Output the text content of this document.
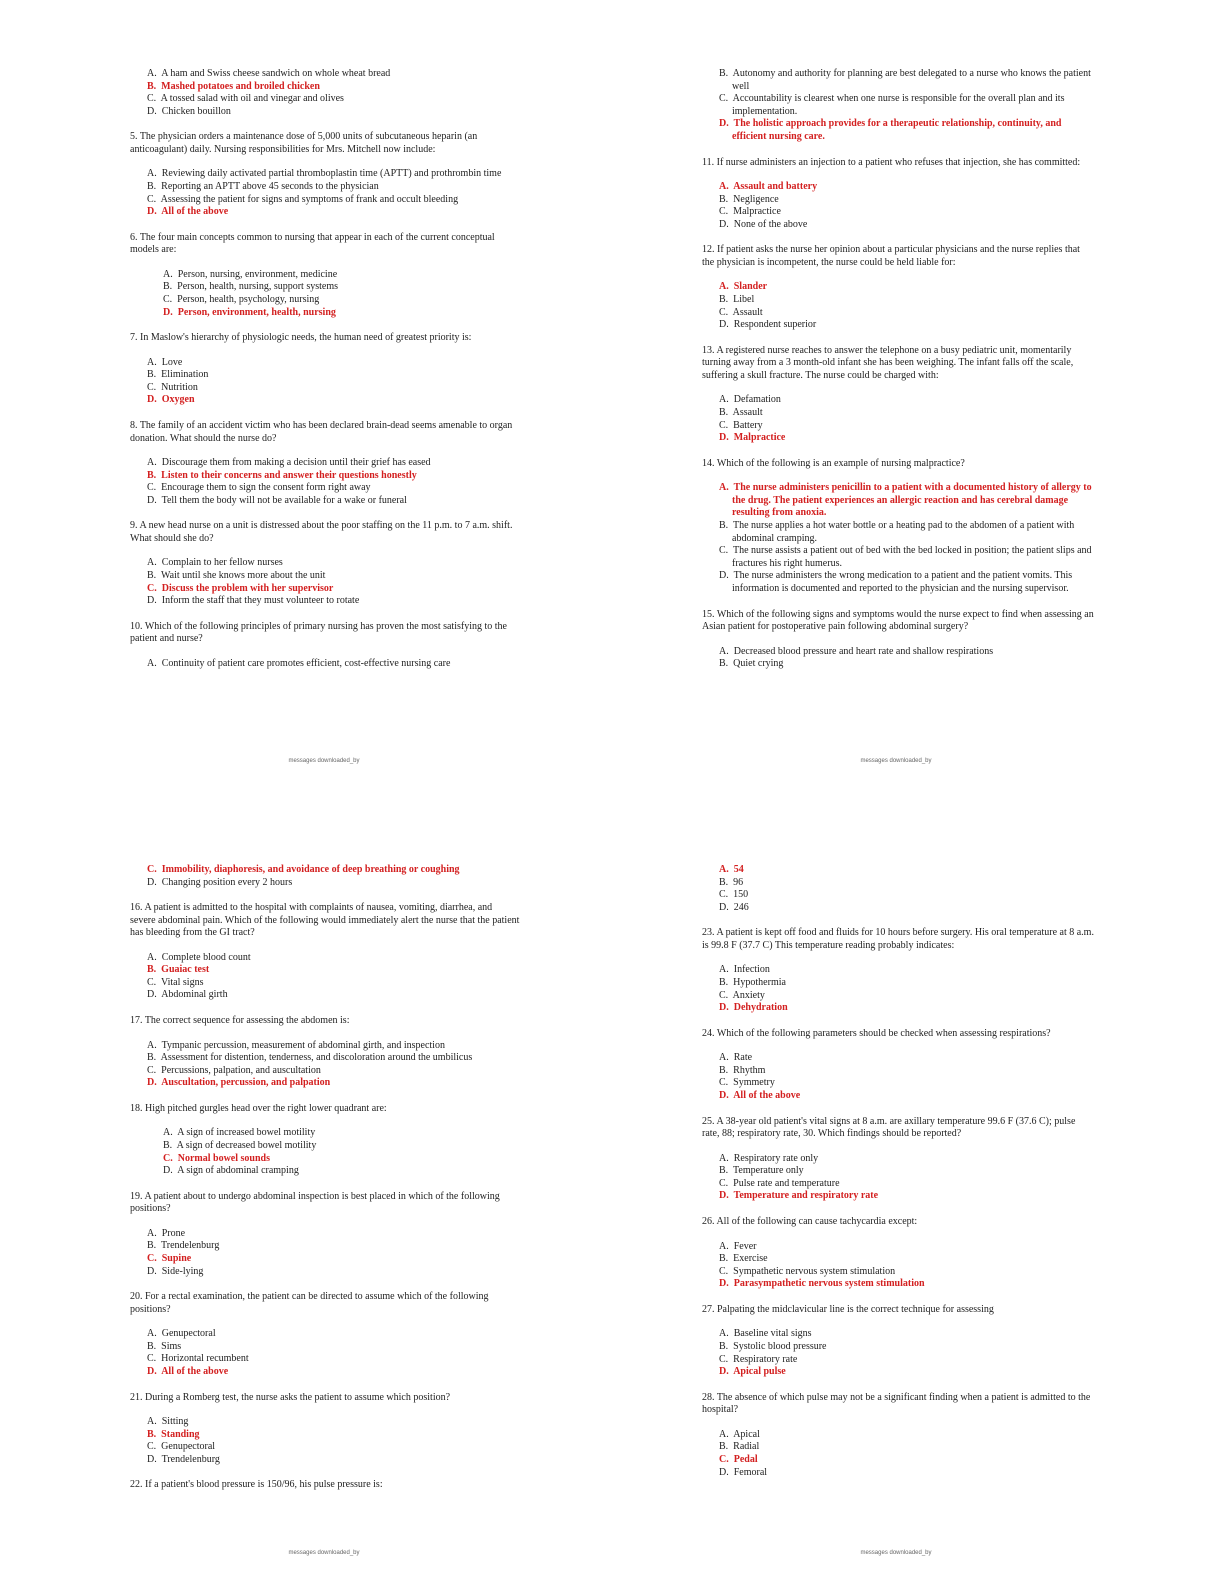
A. A ham and Swiss cheese sandwich on whole wheat bread
B. Mashed potatoes and broiled chicken
C. A tossed salad with oil and vinegar and olives
D. Chicken bouillon

5. The physician orders a maintenance dose of 5,000 units of subcutaneous heparin (an anticoagulant) daily. Nursing responsibilities for Mrs. Mitchell now include:

A. Reviewing daily activated partial thromboplastin time (APTT) and prothrombin time
B. Reporting an APTT above 45 seconds to the physician
C. Assessing the patient for signs and symptoms of frank and occult bleeding
D. All of the above

6. The four main concepts common to nursing that appear in each of the current conceptual models are:

A. Person, nursing, environment, medicine
B. Person, health, nursing, support systems
C. Person, health, psychology, nursing
D. Person, environment, health, nursing

7. In Maslow's hierarchy of physiologic needs, the human need of greatest priority is:

A. Love
B. Elimination
C. Nutrition
D. Oxygen

8. The family of an accident victim who has been declared brain-dead seems amenable to organ donation. What should the nurse do?

A. Discourage them from making a decision until their grief has eased
B. Listen to their concerns and answer their questions honestly
C. Encourage them to sign the consent form right away
D. Tell them the body will not be available for a wake or funeral

9. A new head nurse on a unit is distressed about the poor staffing on the 11 p.m. to 7 a.m. shift. What should she do?

A. Complain to her fellow nurses
B. Wait until she knows more about the unit
C. Discuss the problem with her supervisor
D. Inform the staff that they must volunteer to rotate

10. Which of the following principles of primary nursing has proven the most satisfying to the patient and nurse?

A. Continuity of patient care promotes efficient, cost-effective nursing care
messages downloaded_by
B. Autonomy and authority for planning are best delegated to a nurse who knows the patient well
C. Accountability is clearest when one nurse is responsible for the overall plan and its implementation.
D. The holistic approach provides for a therapeutic relationship, continuity, and efficient nursing care.

11. If nurse administers an injection to a patient who refuses that injection, she has committed:

A. Assault and battery
B. Negligence
C. Malpractice
D. None of the above

12. If patient asks the nurse her opinion about a particular physicians and the nurse replies that the physician is incompetent, the nurse could be held liable for:

A. Slander
B. Libel
C. Assault
D. Respondent superior

13. A registered nurse reaches to answer the telephone on a busy pediatric unit, momentarily turning away from a 3 month-old infant she has been weighing. The infant falls off the scale, suffering a skull fracture. The nurse could be charged with:

A. Defamation
B. Assault
C. Battery
D. Malpractice

14. Which of the following is an example of nursing malpractice?

A. The nurse administers penicillin to a patient with a documented history of allergy to the drug. The patient experiences an allergic reaction and has cerebral damage resulting from anoxia.
B. The nurse applies a hot water bottle or a heating pad to the abdomen of a patient with abdominal cramping.
C. The nurse assists a patient out of bed with the bed locked in position; the patient slips and fractures his right humerus.
D. The nurse administers the wrong medication to a patient and the patient vomits. This information is documented and reported to the physician and the nursing supervisor.

15. Which of the following signs and symptoms would the nurse expect to find when assessing an Asian patient for postoperative pain following abdominal surgery?

A. Decreased blood pressure and heart rate and shallow respirations
B. Quiet crying
messages downloaded_by
C. Immobility, diaphoresis, and avoidance of deep breathing or coughing
D. Changing position every 2 hours

16. A patient is admitted to the hospital with complaints of nausea, vomiting, diarrhea, and severe abdominal pain. Which of the following would immediately alert the nurse that the patient has bleeding from the GI tract?

A. Complete blood count
B. Guaiac test
C. Vital signs
D. Abdominal girth

17. The correct sequence for assessing the abdomen is:

A. Tympanic percussion, measurement of abdominal girth, and inspection
B. Assessment for distention, tenderness, and discoloration around the umbilicus
C. Percussions, palpation, and auscultation
D. Auscultation, percussion, and palpation

18. High pitched gurgles head over the right lower quadrant are:

A. A sign of increased bowel motility
B. A sign of decreased bowel motility
C. Normal bowel sounds
D. A sign of abdominal cramping

19. A patient about to undergo abdominal inspection is best placed in which of the following positions?

A. Prone
B. Trendelenburg
C. Supine
D. Side-lying

20. For a rectal examination, the patient can be directed to assume which of the following positions?

A. Genupectoral
B. Sims
C. Horizontal recumbent
D. All of the above

21. During a Romberg test, the nurse asks the patient to assume which position?

A. Sitting
B. Standing
C. Genupectoral
D. Trendelenburg

22. If a patient's blood pressure is 150/96, his pulse pressure is:

messages downloaded_by
A. 54
B. 96
C. 150
D. 246

23. A patient is kept off food and fluids for 10 hours before surgery. His oral temperature at 8 a.m. is 99.8 F (37.7 C) This temperature reading probably indicates:

A. Infection
B. Hypothermia
C. Anxiety
D. Dehydration

24. Which of the following parameters should be checked when assessing respirations?

A. Rate
B. Rhythm
C. Symmetry
D. All of the above

25. A 38-year old patient's vital signs at 8 a.m. are axillary temperature 99.6 F (37.6 C); pulse rate, 88; respiratory rate, 30. Which findings should be reported?

A. Respiratory rate only
B. Temperature only
C. Pulse rate and temperature
D. Temperature and respiratory rate

26. All of the following can cause tachycardia except:

A. Fever
B. Exercise
C. Sympathetic nervous system stimulation
D. Parasympathetic nervous system stimulation

27. Palpating the midclavicular line is the correct technique for assessing

A. Baseline vital signs
B. Systolic blood pressure
C. Respiratory rate
D. Apical pulse

28. The absence of which pulse may not be a significant finding when a patient is admitted to the hospital?

A. Apical
B. Radial
C. Pedal
D. Femoral
messages downloaded_by
